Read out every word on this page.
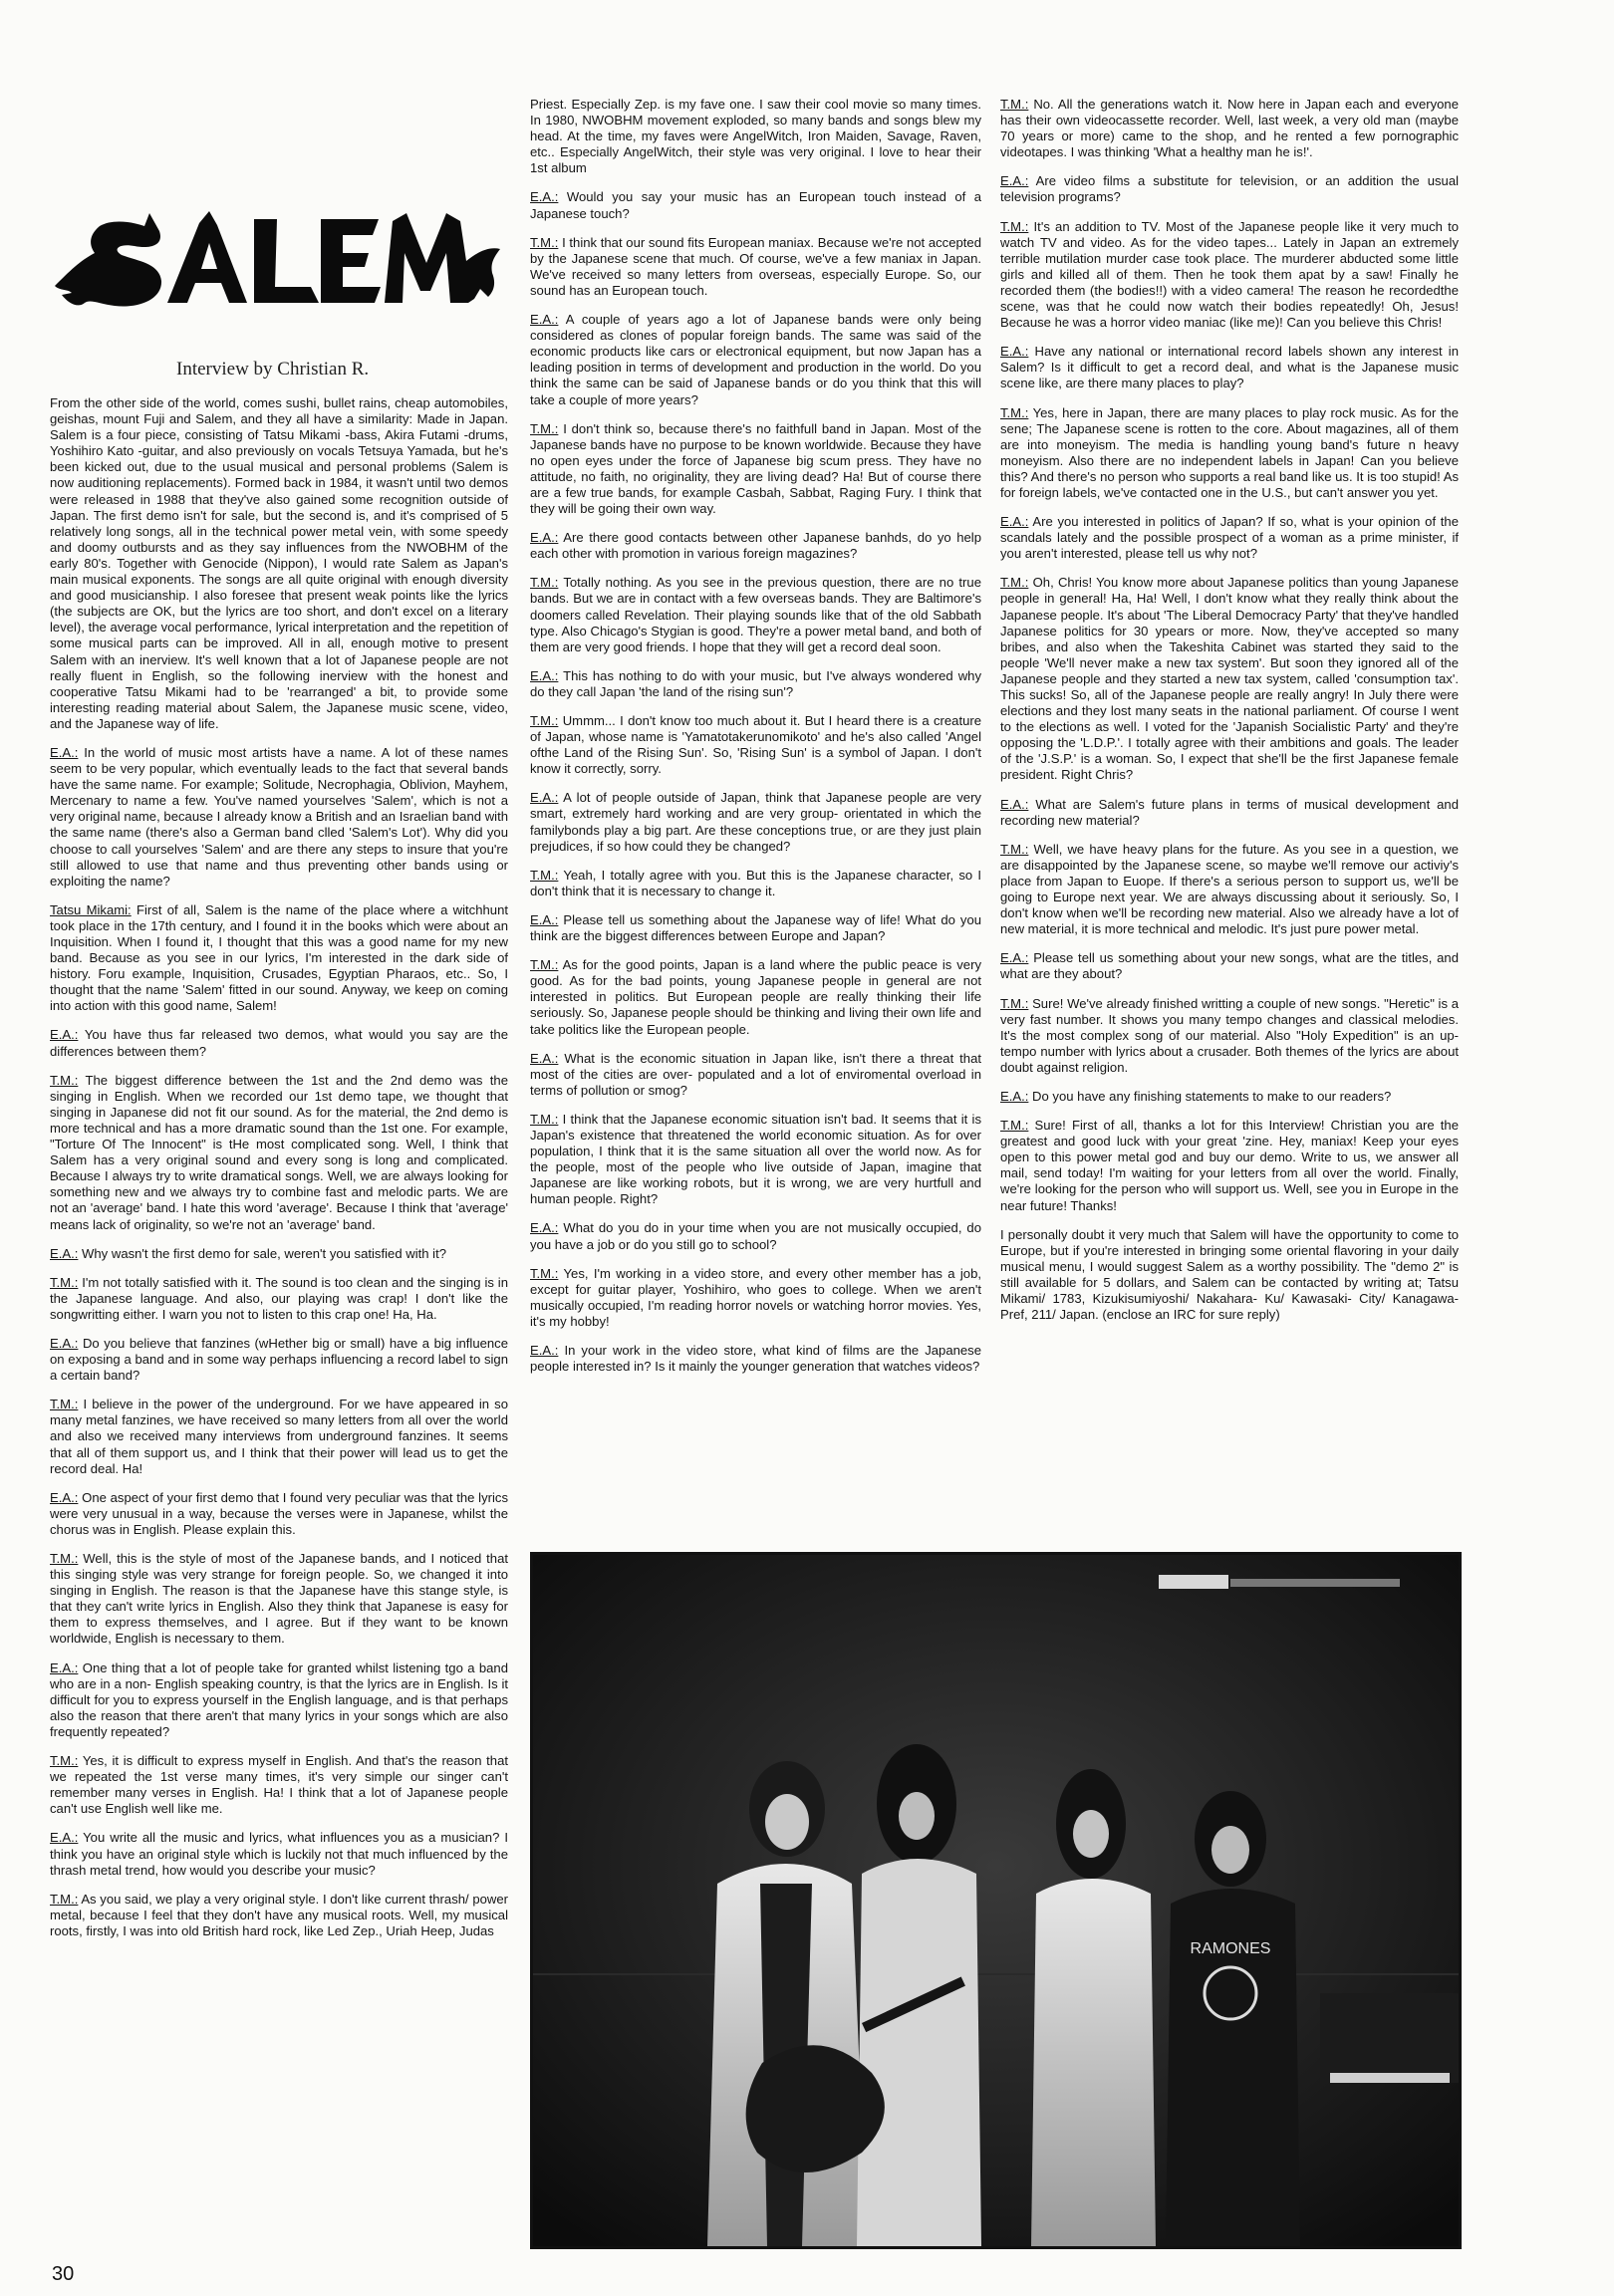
Interview by Christian R.

From the other side of the world, comes sushi, bullet rains, cheap automobiles, geishas, mount Fuji and Salem, and they all have a similarity: Made in Japan. Salem is a four piece, consisting of Tatsu Mikami -bass, Akira Futami -drums, Yoshihiro Kato -guitar, and also previously on vocals Tetsuya Yamada, but he's been kicked out, due to the usual musical and personal problems (Salem is now auditioning replacements). Formed back in 1984, it wasn't until two demos were released in 1988 that they've also gained some recognition outside of Japan. The first demo isn't for sale, but the second is, and it's comprised of 5 relatively long songs, all in the technical power metal vein, with some speedy and doomy outbursts and as they say influences from the NWOBHM of the early 80's. Together with Genocide (Nippon), I would rate Salem as Japan's main musical exponents. The songs are all quite original with enough diversity and good musicianship. I also foresee that present weak points like the lyrics (the subjects are OK, but the lyrics are too short, and don't excel on a literary level), the average vocal performance, lyrical interpretation and the repetition of some musical parts can be improved. All in all, enough motive to present Salem with an inerview. It's well known that a lot of Japanese people are not really fluent in English, so the following inerview with the honest and cooperative Tatsu Mikami had to be 'rearranged' a bit, to provide some interesting reading material about Salem, the Japanese music scene, video, and the Japanese way of life.

E.A.: In the world of music most artists have a name. A lot of these names seem to be very popular, which eventually leads to the fact that several bands have the same name. For example; Solitude, Necrophagia, Oblivion, Mayhem, Mercenary to name a few. You've named yourselves 'Salem', which is not a very original name, because I already know a British and an Israelian band with the same name (there's also a German band clled 'Salem's Lot'). Why did you choose to call yourselves 'Salem' and are there any steps to insure that you're still allowed to use that name and thus preventing other bands using or exploiting the name?

Tatsu Mikami: First of all, Salem is the name of the place where a witchhunt took place in the 17th century, and I found it in the books which were about an Inquisition. When I found it, I thought that this was a good name for my new band. Because as you see in our lyrics, I'm interested in the dark side of history. Foru example, Inquisition, Crusades, Egyptian Pharaos, etc.. So, I thought that the name 'Salem' fitted in our sound. Anyway, we keep on coming into action with this good name, Salem!

E.A.: You have thus far released two demos, what would you say are the differences between them?

T.M.: The biggest difference between the 1st and the 2nd demo was the singing in English. When we recorded our 1st demo tape, we thought that singing in Japanese did not fit our sound. As for the material, the 2nd demo is more technical and has a more dramatic sound than the 1st one. For example, "Torture Of The Innocent" is tHe most complicated song. Well, I think that Salem has a very original sound and every song is long and complicated. Because I always try to write dramatical songs. Well, we are always looking for something new and we always try to combine fast and melodic parts. We are not an 'average' band. I hate this word 'average'. Because I think that 'average' means lack of originality, so we're not an 'average' band.

E.A.: Why wasn't the first demo for sale, weren't you satisfied with it?

T.M.: I'm not totally satisfied with it. The sound is too clean and the singing is in the Japanese language. And also, our playing was crap! I don't like the songwritting either. I warn you not to listen to this crap one! Ha, Ha.

E.A.: Do you believe that fanzines (wHether big or small) have a big influence on exposing a band and in some way perhaps influencing a record label to sign a certain band?

T.M.: I believe in the power of the underground. For we have appeared in so many metal fanzines, we have received so many letters from all over the world and also we received many interviews from underground fanzines. It seems that all of them support us, and I think that their power will lead us to get the record deal. Ha!

E.A.: One aspect of your first demo that I found very peculiar was that the lyrics were very unusual in a way, because the verses were in Japanese, whilst the chorus was in English. Please explain this.

T.M.: Well, this is the style of most of the Japanese bands, and I noticed that this singing style was very strange for foreign people. So, we changed it into singing in English. The reason is that the Japanese have this stange style, is that they can't write lyrics in English. Also they think that Japanese is easy for them to express themselves, and I agree. But if they want to be known worldwide, English is necessary to them.

E.A.: One thing that a lot of people take for granted whilst listening tgo a band who are in a non- English speaking country, is that the lyrics are in English. Is it difficult for you to express yourself in the English language, and is that perhaps also the reason that there aren't that many lyrics in your songs which are also frequently repeated?

T.M.: Yes, it is difficult to express myself in English. And that's the reason that we repeated the 1st verse many times, it's very simple our singer can't remember many verses in English. Ha! I think that a lot of Japanese people can't use English well like me.

E.A.: You write all the music and lyrics, what influences you as a musician? I think you have an original style which is luckily not that much influenced by the thrash metal trend, how would you describe your music?

T.M.: As you said, we play a very original style. I don't like current thrash/ power metal, because I feel that they don't have any musical roots. Well, my musical roots, firstly, I was into old British hard rock, like Led Zep., Uriah Heep, Judas

Priest. Especially Zep. is my fave one. I saw their cool movie so many times. In 1980, NWOBHM movement exploded, so many bands and songs blew my head. At the time, my faves were AngelWitch, Iron Maiden, Savage, Raven, etc.. Especially AngelWitch, their style was very original. I love to hear their 1st album

E.A.: Would you say your music has an European touch instead of a Japanese touch?

T.M.: I think that our sound fits European maniax. Because we're not accepted by the Japanese scene that much. Of course, we've a few maniax in Japan. We've received so many letters from overseas, especially Europe. So, our sound has an European touch.

E.A.: A couple of years ago a lot of Japanese bands were only being considered as clones of popular foreign bands. The same was said of the economic products like cars or electronical equipment, but now Japan has a leading position in terms of development and production in the world. Do you think the same can be said of Japanese bands or do you think that this will take a couple of more years?

T.M.: I don't think so, because there's no faithfull band in Japan. Most of the Japanese bands have no purpose to be known worldwide. Because they have no open eyes under the force of Japanese big scum press. They have no attitude, no faith, no originality, they are living dead? Ha! But of course there are a few true bands, for example Casbah, Sabbat, Raging Fury. I think that they will be going their own way.

E.A.: Are there good contacts between other Japanese banhds, do yo help each other with promotion in various foreign magazines?

T.M.: Totally nothing. As you see in the previous question, there are no true bands. But we are in contact with a few overseas bands. They are Baltimore's doomers called Revelation. Their playing sounds like that of the old Sabbath type. Also Chicago's Stygian is good. They're a power metal band, and both of them are very good friends. I hope that they will get a record deal soon.

E.A.: This has nothing to do with your music, but I've always wondered why do they call Japan 'the land of the rising sun'?

T.M.: Ummm... I don't know too much about it. But I heard there is a creature of Japan, whose name is 'Yamatotakerunomikoto' and he's also called 'Angel ofthe Land of the Rising Sun'. So, 'Rising Sun' is a symbol of Japan. I don't know it correctly, sorry.

E.A.: A lot of people outside of Japan, think that Japanese people are very smart, extremely hard working and are very group- orientated in which the familybonds play a big part. Are these conceptions true, or are they just plain prejudices, if so how could they be changed?

T.M.: Yeah, I totally agree with you. But this is the Japanese character, so I don't think that it is necessary to change it.

E.A.: Please tell us something about the Japanese way of life! What do you think are the biggest differences between Europe and Japan?

T.M.: As for the good points, Japan is a land where the public peace is very good. As for the bad points, young Japanese people in general are not interested in politics. But European people are really thinking their life seriously. So, Japanese people should be thinking and living their own life and take politics like the European people.

E.A.: What is the economic situation in Japan like, isn't there a threat that most of the cities are over- populated and a lot of enviromental overload in terms of pollution or smog?

T.M.: I think that the Japanese economic situation isn't bad. It seems that it is Japan's existence that threatened the world economic situation. As for over population, I think that it is the same situation all over the world now. As for the people, most of the people who live outside of Japan, imagine that Japanese are like working robots, but it is wrong, we are very hurtfull and human people. Right?

E.A.: What do you do in your time when you are not musically occupied, do you have a job or do you still go to school?

T.M.: Yes, I'm working in a video store, and every other member has a job, except for guitar player, Yoshihiro, who goes to college. When we aren't musically occupied, I'm reading horror novels or watching horror movies. Yes, it's my hobby!

E.A.: In your work in the video store, what kind of films are the Japanese people interested in? Is it mainly the younger generation that watches videos?

T.M.: No. All the generations watch it. Now here in Japan each and everyone has their own videocassette recorder. Well, last week, a very old man (maybe 70 years or more) came to the shop, and he rented a few pornographic videotapes. I was thinking 'What a healthy man he is!'.

E.A.: Are video films a substitute for television, or an addition the usual television programs?

T.M.: It's an addition to TV. Most of the Japanese people like it very much to watch TV and video. As for the video tapes... Lately in Japan an extremely terrible mutilation murder case took place. The murderer abducted some little girls and killed all of them. Then he took them apat by a saw! Finally he recorded them (the bodies!!) with a video camera! The reason he recordedthe scene, was that he could now watch their bodies repeatedly! Oh, Jesus! Because he was a horror video maniac (like me)! Can you believe this Chris!

E.A.: Have any national or international record labels shown any interest in Salem? Is it difficult to get a record deal, and what is the Japanese music scene like, are there many places to play?

T.M.: Yes, here in Japan, there are many places to play rock music. As for the sene; The Japanese scene is rotten to the core. About magazines, all of them are into moneyism. The media is handling young band's future n heavy moneyism. Also there are no independent labels in Japan! Can you believe this? And there's no person who supports a real band like us. It is too stupid! As for foreign labels, we've contacted one in the U.S., but can't answer you yet.

E.A.: Are you interested in politics of Japan? If so, what is your opinion of the scandals lately and the possible prospect of a woman as a prime minister, if you aren't interested, please tell us why not?

T.M.: Oh, Chris! You know more about Japanese politics than young Japanese people in general! Ha, Ha! Well, I don't know what they really think about the Japanese people. It's about 'The Liberal Democracy Party' that they've handled Japanese politics for 30 ypears or more. Now, they've accepted so many bribes, and also when the Takeshita Cabinet was started they said to the people 'We'll never make a new tax system'. But soon they ignored all of the Japanese people and they started a new tax system, called 'consumption tax'. This sucks! So, all of the Japanese people are really angry! In July there were elections and they lost many seats in the national parliament. Of course I went to the elections as well. I voted for the 'Japanish Socialistic Party' and they're opposing the 'L.D.P.'. I totally agree with their ambitions and goals. The leader of the 'J.S.P.' is a woman. So, I expect that she'll be the first Japanese female president. Right Chris?

E.A.: What are Salem's future plans in terms of musical development and recording new material?

T.M.: Well, we have heavy plans for the future. As you see in a question, we are disappointed by the Japanese scene, so maybe we'll remove our activiy's place from Japan to Euope. If there's a serious person to support us, we'll be going to Europe next year. We are always discussing about it seriously. So, I don't know when we'll be recording new material. Also we already have a lot of new material, it is more technical and melodic. It's just pure power metal.

E.A.: Please tell us something about your new songs, what are the titles, and what are they about?

T.M.: Sure! We've already finished writting a couple of new songs. "Heretic" is a very fast number. It shows you many tempo changes and classical melodies. It's the most complex song of our material. Also "Holy Expedition" is an up-tempo number with lyrics about a crusader. Both themes of the lyrics are about doubt against religion.

E.A.: Do you have any finishing statements to make to our readers?

T.M.: Sure! First of all, thanks a lot for this Interview! Christian you are the greatest and good luck with your great 'zine. Hey, maniax! Keep your eyes open to this power metal god and buy our demo. Write to us, we answer all mail, send today! I'm waiting for your letters from all over the world. Finally, we're looking for the person who will support us. Well, see you in Europe in the near future! Thanks!

I personally doubt it very much that Salem will have the opportunity to come to Europe, but if you're interested in bringing some oriental flavoring in your daily musical menu, I would suggest Salem as a worthy possibility. The "demo 2" is still available for 5 dollars, and Salem can be contacted by writing at; Tatsu Mikami/ 1783, Kizukisumiyoshi/ Nakahara- Ku/ Kawasaki- City/ Kanagawa- Pref, 211/ Japan. (enclose an IRC for sure reply)

RAMONES
30
